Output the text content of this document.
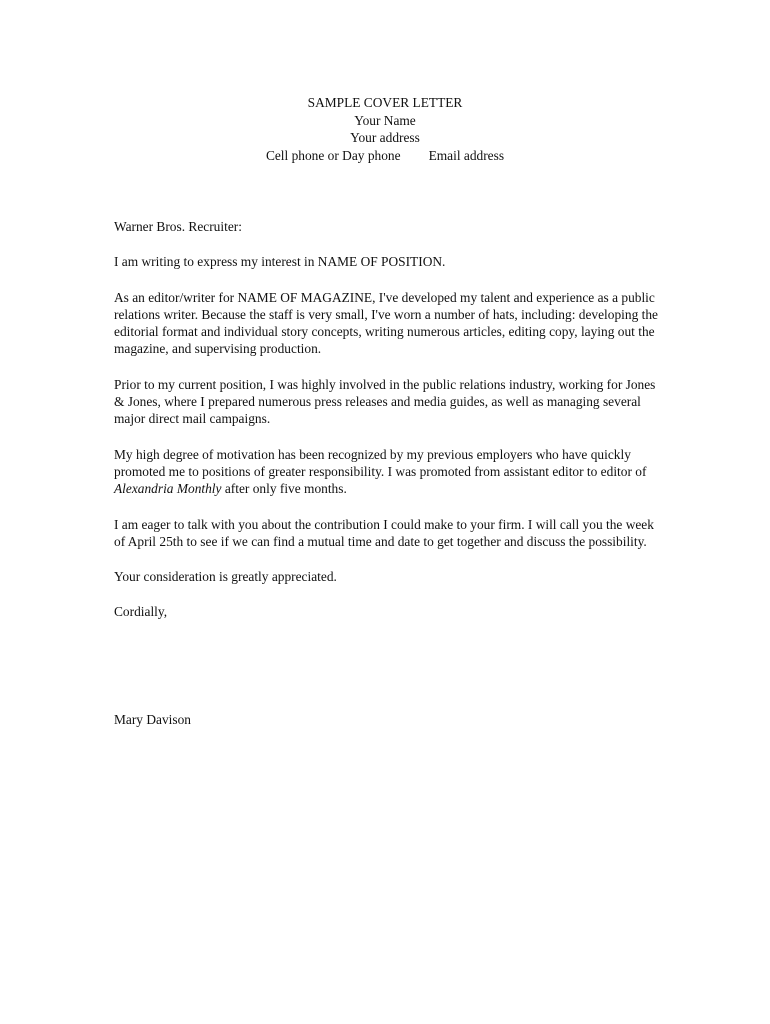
SAMPLE COVER LETTER
Your Name
Your address
Cell phone or Day phone Email address

Warner Bros. Recruiter:

I am writing to express my interest in NAME OF POSITION.

As an editor/writer for NAME OF MAGAZINE, I've developed my talent and experience as a public relations writer. Because the staff is very small, I've worn a number of hats, including: developing the editorial format and individual story concepts, writing numerous articles, editing copy, laying out the magazine, and supervising production.

Prior to my current position, I was highly involved in the public relations industry, working for Jones & Jones, where I prepared numerous press releases and media guides, as well as managing several major direct mail campaigns.

My high degree of motivation has been recognized by my previous employers who have quickly promoted me to positions of greater responsibility. I was promoted from assistant editor to editor of Alexandria Monthly after only five months.

I am eager to talk with you about the contribution I could make to your firm. I will call you the week of April 25th to see if we can find a mutual time and date to get together and discuss the possibility.

Your consideration is greatly appreciated.

Cordially,

Mary Davison
